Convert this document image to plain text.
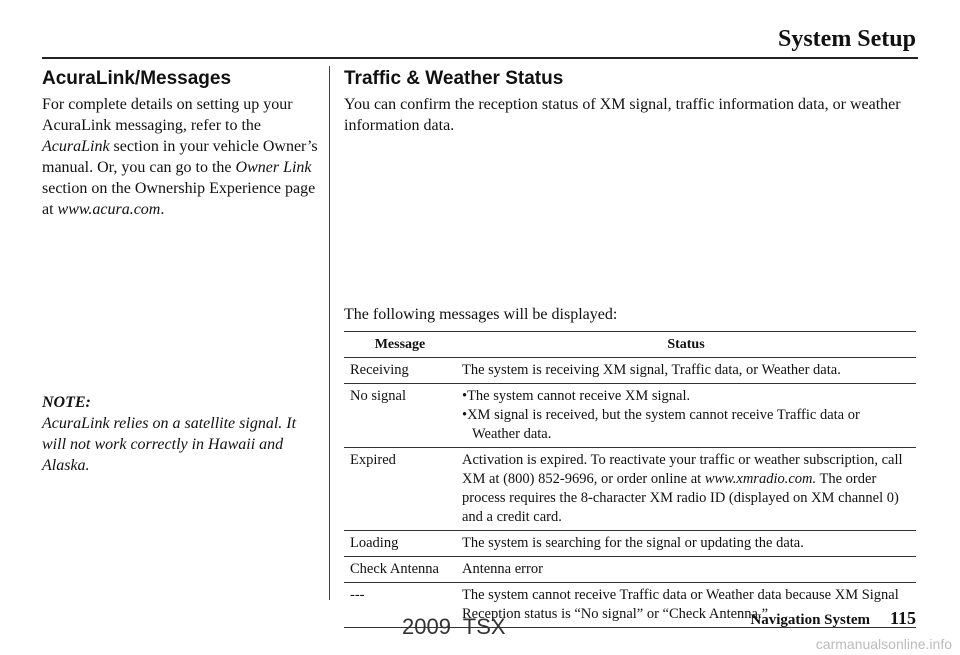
System Setup
AcuraLink/Messages

For complete details on setting up your AcuraLink messaging, refer to the AcuraLink section in your vehicle Owner’s manual. Or, you can go to the Owner Link section on the Ownership Experience page at www.acura.com.

NOTE:

AcuraLink relies on a satellite signal. It will not work correctly in Hawaii and Alaska.

Traffic & Weather Status

You can confirm the reception status of XM signal, traffic information data, or weather information data.

The following messages will be displayed:

Message	Status
Receiving	The system is receiving XM signal, Traffic data, or Weather data.
No signal	•The system cannot receive XM signal.
•XM signal is received, but the system cannot receive Traffic data or Weather data.

Expired	Activation is expired. To reactivate your traffic or weather subscription, call XM at (800) 852-9696, or order online at www.xmradio.com. The order process requires the 8-character XM radio ID (displayed on XM channel 0) and a credit card.
Loading	The system is searching for the signal or updating the data.
Check Antenna	Antenna error
---	The system cannot receive Traffic data or Weather data because XM Signal Reception status is “No signal” or “Check Antenna.”
Navigation System 115
2009  TSX
carmanualsonline.info
